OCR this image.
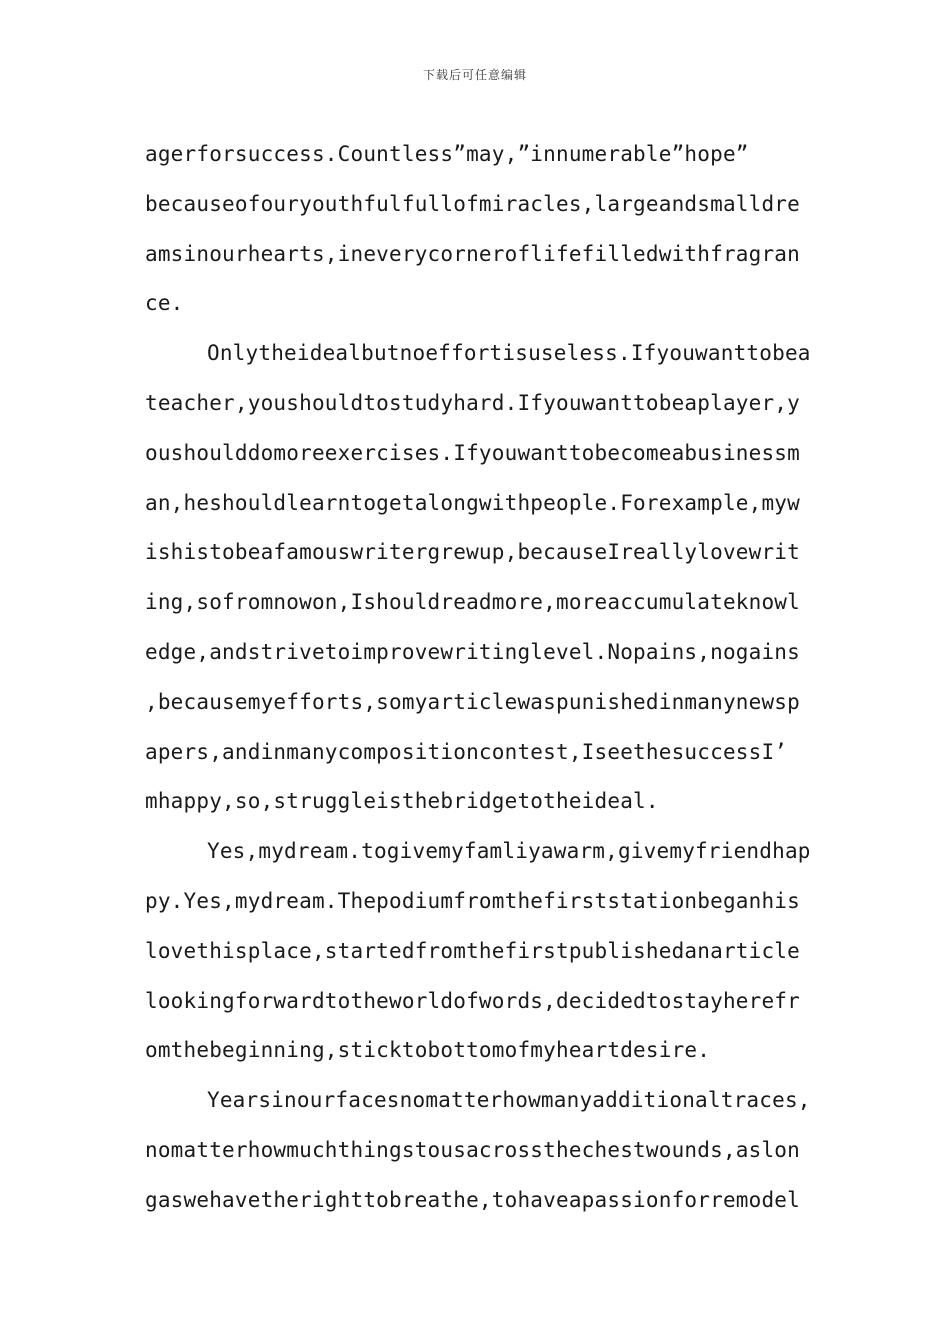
下载后可任意编辑
agerforsuccess.Countless”may,”innumerable”hope”
becauseofouryouthfulfullofmiracles,largeandsmalldre
amsinourhearts,ineverycorneroflifefilledwithfragran
ce.
Onlytheidealbutnoeffortisuseless.Ifyouwanttobea
teacher,youshouldtostudyhard.Ifyouwanttobeaplayer,y
oushoulddomoreexercises.Ifyouwanttobecomeabusinessm
an,heshouldlearntogetalongwithpeople.Forexample,myw
ishistobeafamouswritergrewup,becauseIreallylovewrit
ing,sofromnowon,Ishouldreadmore,moreaccumulateknowl
edge,andstrivetoimprovewritinglevel.Nopains,nogains
,becausemyefforts,somyarticlewaspunishedinmanynewsp
apers,andinmanycompositioncontest,IseethesuccessI’
mhappy,so,struggleisthebridgetotheideal.
Yes,mydream.togivemyfamliyawarm,givemyfriendhap
py.Yes,mydream.Thepodiumfromthefirststationbeganhis
lovethisplace,startedfromthefirstpublishedanarticle
lookingforwardtotheworldofwords,decidedtostayherefr
omthebeginning,sticktobottomofmyheartdesire.
Yearsinourfacesnomatterhowmanyadditionaltraces,
nomatterhowmuchthingstousacrossthechestwounds,aslon
gaswehavetherighttobreathe,tohaveapassionforremodel
